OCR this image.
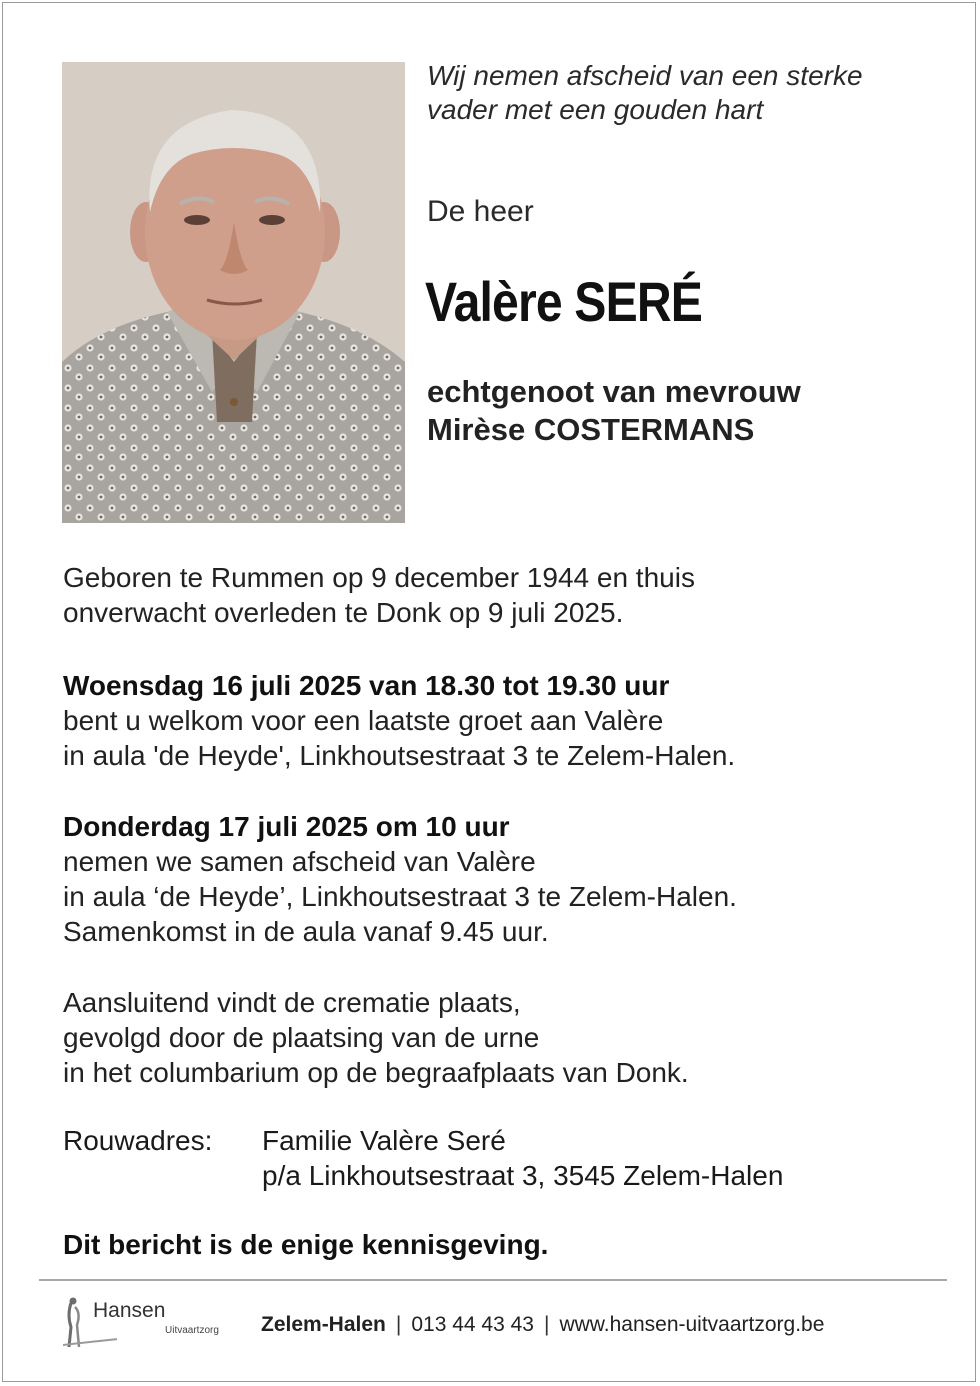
Wij nemen afscheid van een sterke
vader met een gouden hart
De heer
Valère SERÉ
echtgenoot van mevrouw
Mirèse COSTERMANS
Geboren te Rummen op 9 december 1944 en thuis
onverwacht overleden te Donk op 9 juli 2025.
Woensdag 16 juli 2025 van 18.30 tot 19.30 uur
bent u welkom voor een laatste groet aan Valère
in aula 'de Heyde', Linkhoutsestraat 3 te Zelem-Halen.
Donderdag 17 juli 2025 om 10 uur
nemen we samen afscheid van Valère
in aula ‘de Heyde’, Linkhoutsestraat 3 te Zelem-Halen.
Samenkomst in de aula vanaf 9.45 uur.
Aansluitend vindt de crematie plaats,
gevolgd door de plaatsing van de urne
in het columbarium op de begraafplaats van Donk.
Rouwadres: Familie Valère Seré
p/a Linkhoutsestraat 3, 3545 Zelem-Halen
Dit bericht is de enige kennisgeving.
Hansen
Uitvaartzorg Zelem-Halen | 013 44 43 43 | www.hansen-uitvaartzorg.be
